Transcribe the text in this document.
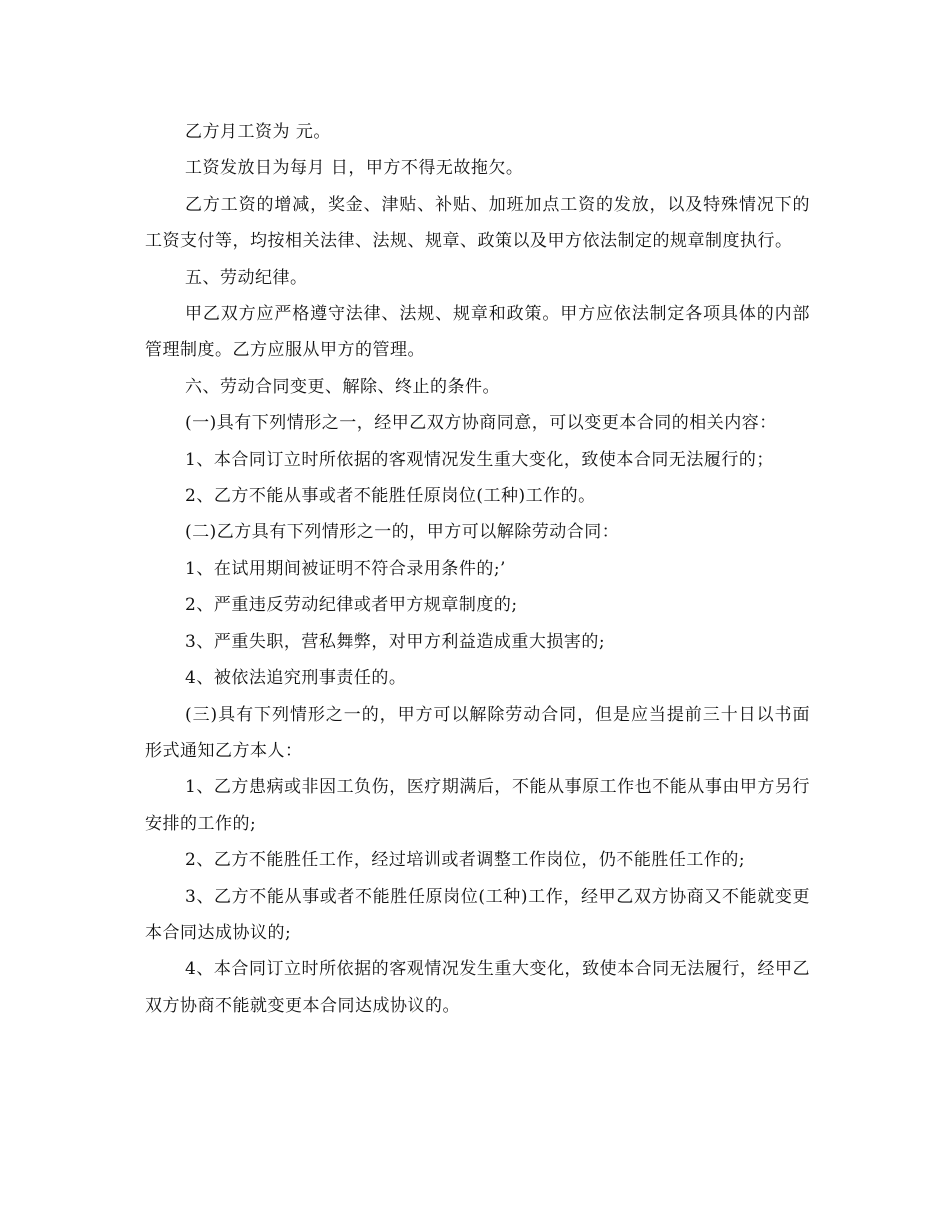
乙方月工资为 元。

工资发放日为每月 日，甲方不得无故拖欠。

乙方工资的增减，奖金、津贴、补贴、加班加点工资的发放，以及特殊情况下的工资支付等，均按相关法律、法规、规章、政策以及甲方依法制定的规章制度执行。

五、劳动纪律。

甲乙双方应严格遵守法律、法规、规章和政策。甲方应依法制定各项具体的内部管理制度。乙方应服从甲方的管理。

六、劳动合同变更、解除、终止的条件。

(一)具有下列情形之一，经甲乙双方协商同意，可以变更本合同的相关内容：

1、本合同订立时所依据的客观情况发生重大变化，致使本合同无法履行的；

2、乙方不能从事或者不能胜任原岗位(工种)工作的。

(二)乙方具有下列情形之一的，甲方可以解除劳动合同：

1、在试用期间被证明不符合录用条件的;’

2、严重违反劳动纪律或者甲方规章制度的;

3、严重失职，营私舞弊，对甲方利益造成重大损害的;

4、被依法追究刑事责任的。

(三)具有下列情形之一的，甲方可以解除劳动合同，但是应当提前三十日以书面形式通知乙方本人：

1、乙方患病或非因工负伤，医疗期满后，不能从事原工作也不能从事由甲方另行安排的工作的;

2、乙方不能胜任工作，经过培训或者调整工作岗位，仍不能胜任工作的;

3、乙方不能从事或者不能胜任原岗位(工种)工作，经甲乙双方协商又不能就变更本合同达成协议的;

4、本合同订立时所依据的客观情况发生重大变化，致使本合同无法履行，经甲乙双方协商不能就变更本合同达成协议的。
